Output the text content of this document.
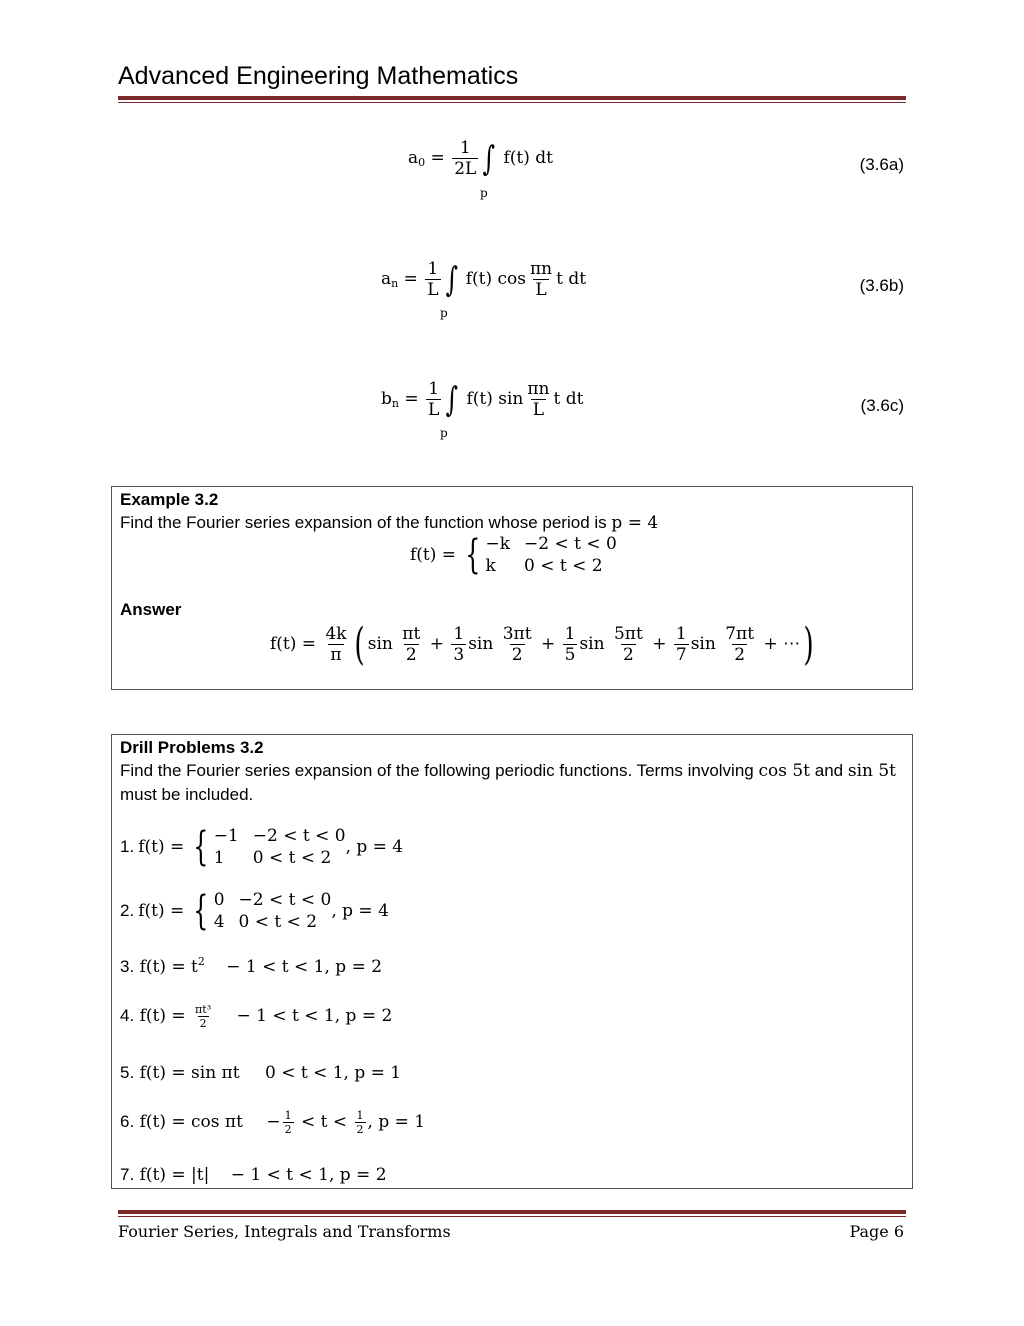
Advanced Engineering Mathematics
$a_0 = \frac{1}{2L}$ ∫ f(t) dt
p
(3.6a)
$a_n = \frac{1}{L}$ ∫ f(t) $\cos \frac{\pi n}{L}$ t dt
p
(3.6b)
$b_n = \frac{1}{L}$ ∫ f(t) $\sin \frac{\pi n}{L}$ t dt
p
(3.6c)
Example 3.2
Find the Fourier series expansion of the function whose period is p = 4
f(t) = { −k −2 < t < 0
k	0 < t < 2
Answer
$f(t) = \frac{4k}{\pi}$ ( $\sin \frac{\pi t}{2} + \frac{1}{3}$ $\sin \frac{3\pi t}{2} + \frac{1}{5}$ $\sin \frac{5\pi t}{2} + \frac{1}{7}$ $\sin \frac{7\pi t}{2}$ + ⋯)
Drill Problems 3.2
Find the Fourier series expansion of the following periodic functions. Terms involving cos 5t and sin 5t
must be included.
1. f(t) = { −1 −2 < t < 0
1	0 < t < 2
, p = 4
2. f(t) = { 0 −2 < t < 0
4 0 < t < 2
, p = 4
3. $f(t) = t^2 - 1 < t < 1$, p = 2
4. $f(t) = \frac{\text{πt³}}{2} - 1 < t < 1$, p = 2
5. f(t) = sin πt 0 < t < 1, p = 1
6. $f(t) = \cos \pi t - \frac{1}{2} < t < \frac{1}{2}$ , p = 1
7. f(t) = |t| − 1 < t < 1, p = 2
Fourier Series, Integrals and Transforms	Page 6
